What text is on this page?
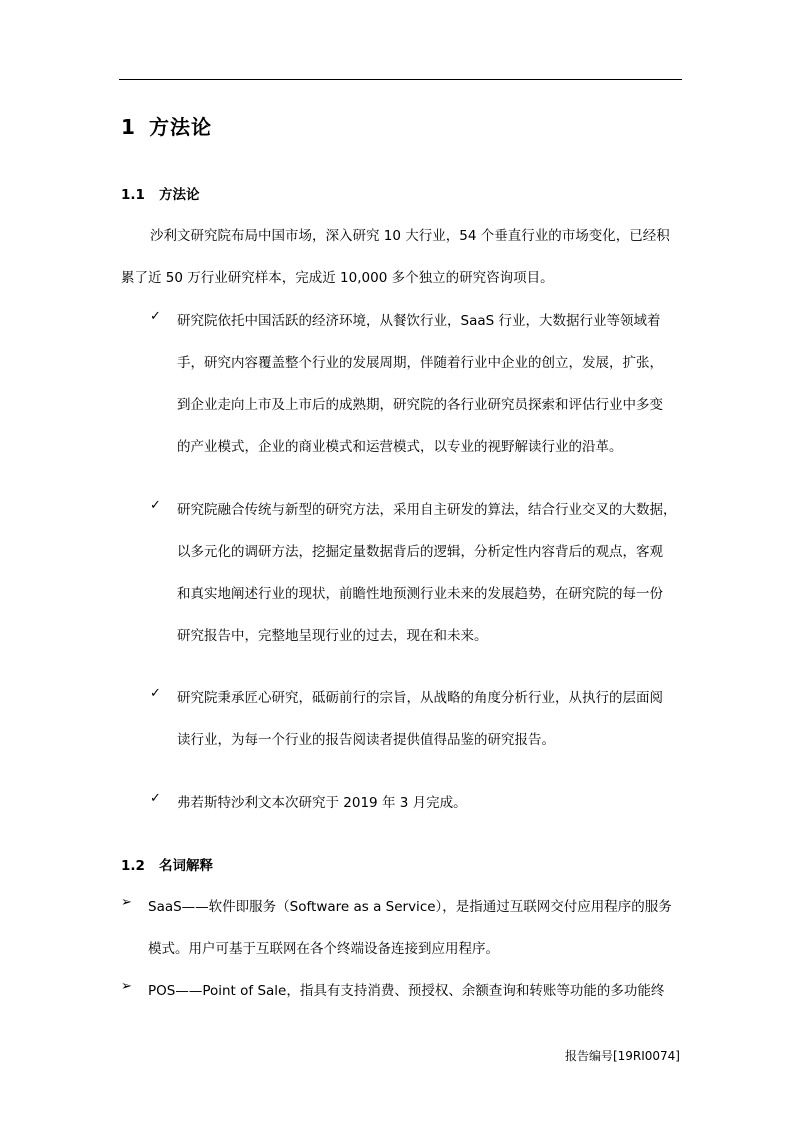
1 方法论
1.1 方法论
沙利文研究院布局中国市场，深入研究 10 大行业，54 个垂直行业的市场变化，已经积
累了近 50 万行业研究样本，完成近 10,000 多个独立的研究咨询项目。
✓ 研究院依托中国活跃的经济环境，从餐饮行业，SaaS 行业，大数据行业等领域着
手，研究内容覆盖整个行业的发展周期，伴随着行业中企业的创立，发展，扩张，
到企业走向上市及上市后的成熟期，研究院的各行业研究员探索和评估行业中多变
的产业模式，企业的商业模式和运营模式，以专业的视野解读行业的沿革。
✓ 研究院融合传统与新型的研究方法，采用自主研发的算法，结合行业交叉的大数据，
以多元化的调研方法，挖掘定量数据背后的逻辑，分析定性内容背后的观点，客观
和真实地阐述行业的现状，前瞻性地预测行业未来的发展趋势，在研究院的每一份
研究报告中，完整地呈现行业的过去，现在和未来。
✓ 研究院秉承匠心研究，砥砺前行的宗旨，从战略的角度分析行业，从执行的层面阅
读行业，为每一个行业的报告阅读者提供值得品鉴的研究报告。
✓ 弗若斯特沙利文本次研究于 2019 年 3 月完成。
1.2 名词解释
➢ SaaS——软件即服务（Software as a Service），是指通过互联网交付应用程序的服务
模式。用户可基于互联网在各个终端设备连接到应用程序。
➢ POS——Point of Sale，指具有支持消费、预授权、余额查询和转账等功能的多功能终
报告编号[19RI0074]
